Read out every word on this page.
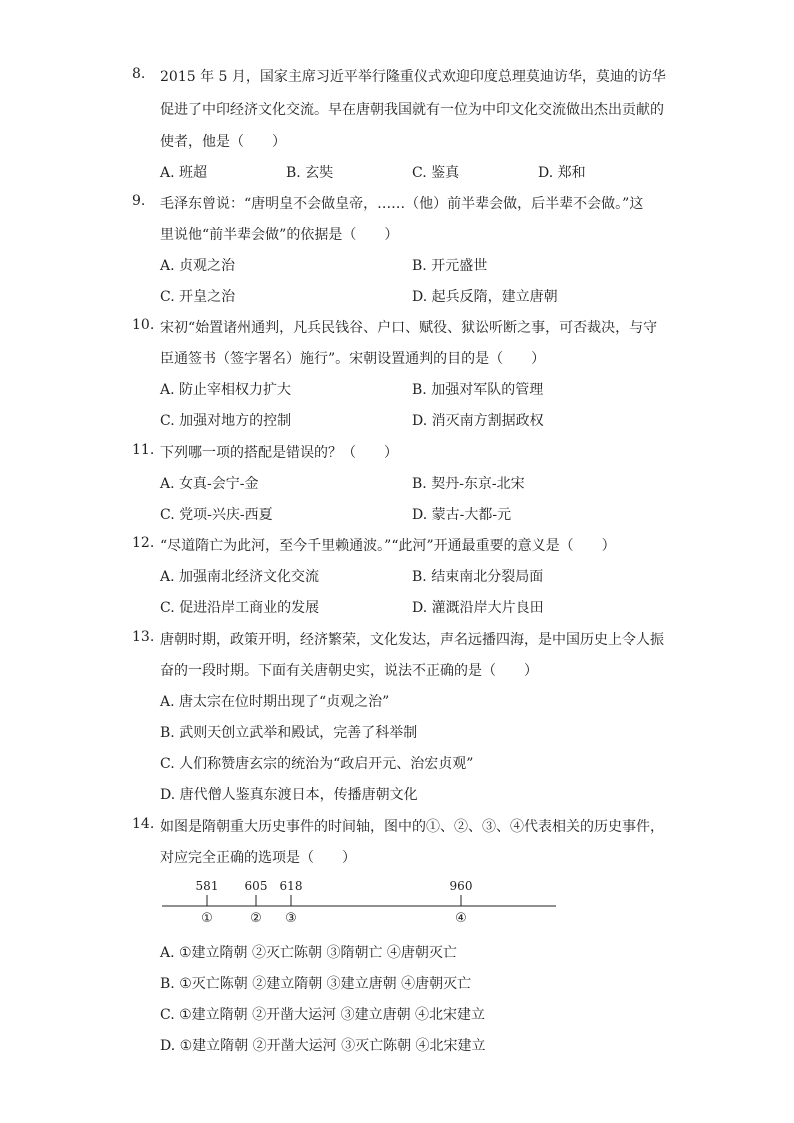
8.	2015 年 5 月，国家主席习近平举行隆重仪式欢迎印度总理莫迪访华，莫迪的访华
促进了中印经济文化交流。早在唐朝我国就有一位为中印文化交流做出杰出贡献的
使者，他是（　　）
A. 班超	B. 玄奘	C. 鉴真	D. 郑和
9.	毛泽东曾说：“唐明皇不会做皇帝，……（他）前半辈会做，后半辈不会做。”这
里说他“前半辈会做”的依据是（　　）
A. 贞观之治	B. 开元盛世
C. 开皇之治	D. 起兵反隋，建立唐朝
10. 宋初“始置诸州通判，凡兵民钱谷、户口、赋役、狱讼听断之事，可否裁决，与守
臣通签书（签字署名）施行”。宋朝设置通判的目的是（　　）
A. 防止宰相权力扩大	B. 加强对军队的管理
C. 加强对地方的控制	D. 消灭南方割据政权
11. 下列哪一项的搭配是错误的？（　　）
A. 女真-会宁-金	B. 契丹-东京-北宋
C. 党项-兴庆-西夏	D. 蒙古-大都-元
12. “尽道隋亡为此河，至今千里赖通波。”“此河”开通最重要的意义是（　　）
A. 加强南北经济文化交流	B. 结束南北分裂局面
C. 促进沿岸工商业的发展	D. 灌溉沿岸大片良田
13. 唐朝时期，政策开明，经济繁荣，文化发达，声名远播四海，是中国历史上令人振
奋的一段时期。下面有关唐朝史实，说法不正确的是（　　）
A. 唐太宗在位时期出现了“贞观之治”
B. 武则天创立武举和殿试，完善了科举制
C. 人们称赞唐玄宗的统治为“政启开元、治宏贞观”
D. 唐代僧人鉴真东渡日本，传播唐朝文化
14. 如图是隋朝重大历史事件的时间轴，图中的①、②、③、④代表相关的历史事件，
对应完全正确的选项是（　　）
581 605 618	960
①	② ③	④
A. ①建立隋朝 ②灭亡陈朝 ③隋朝亡 ④唐朝灭亡
B. ①灭亡陈朝 ②建立隋朝 ③建立唐朝 ④唐朝灭亡
C. ①建立隋朝 ②开凿大运河 ③建立唐朝 ④北宋建立
D. ①建立隋朝 ②开凿大运河 ③灭亡陈朝 ④北宋建立
